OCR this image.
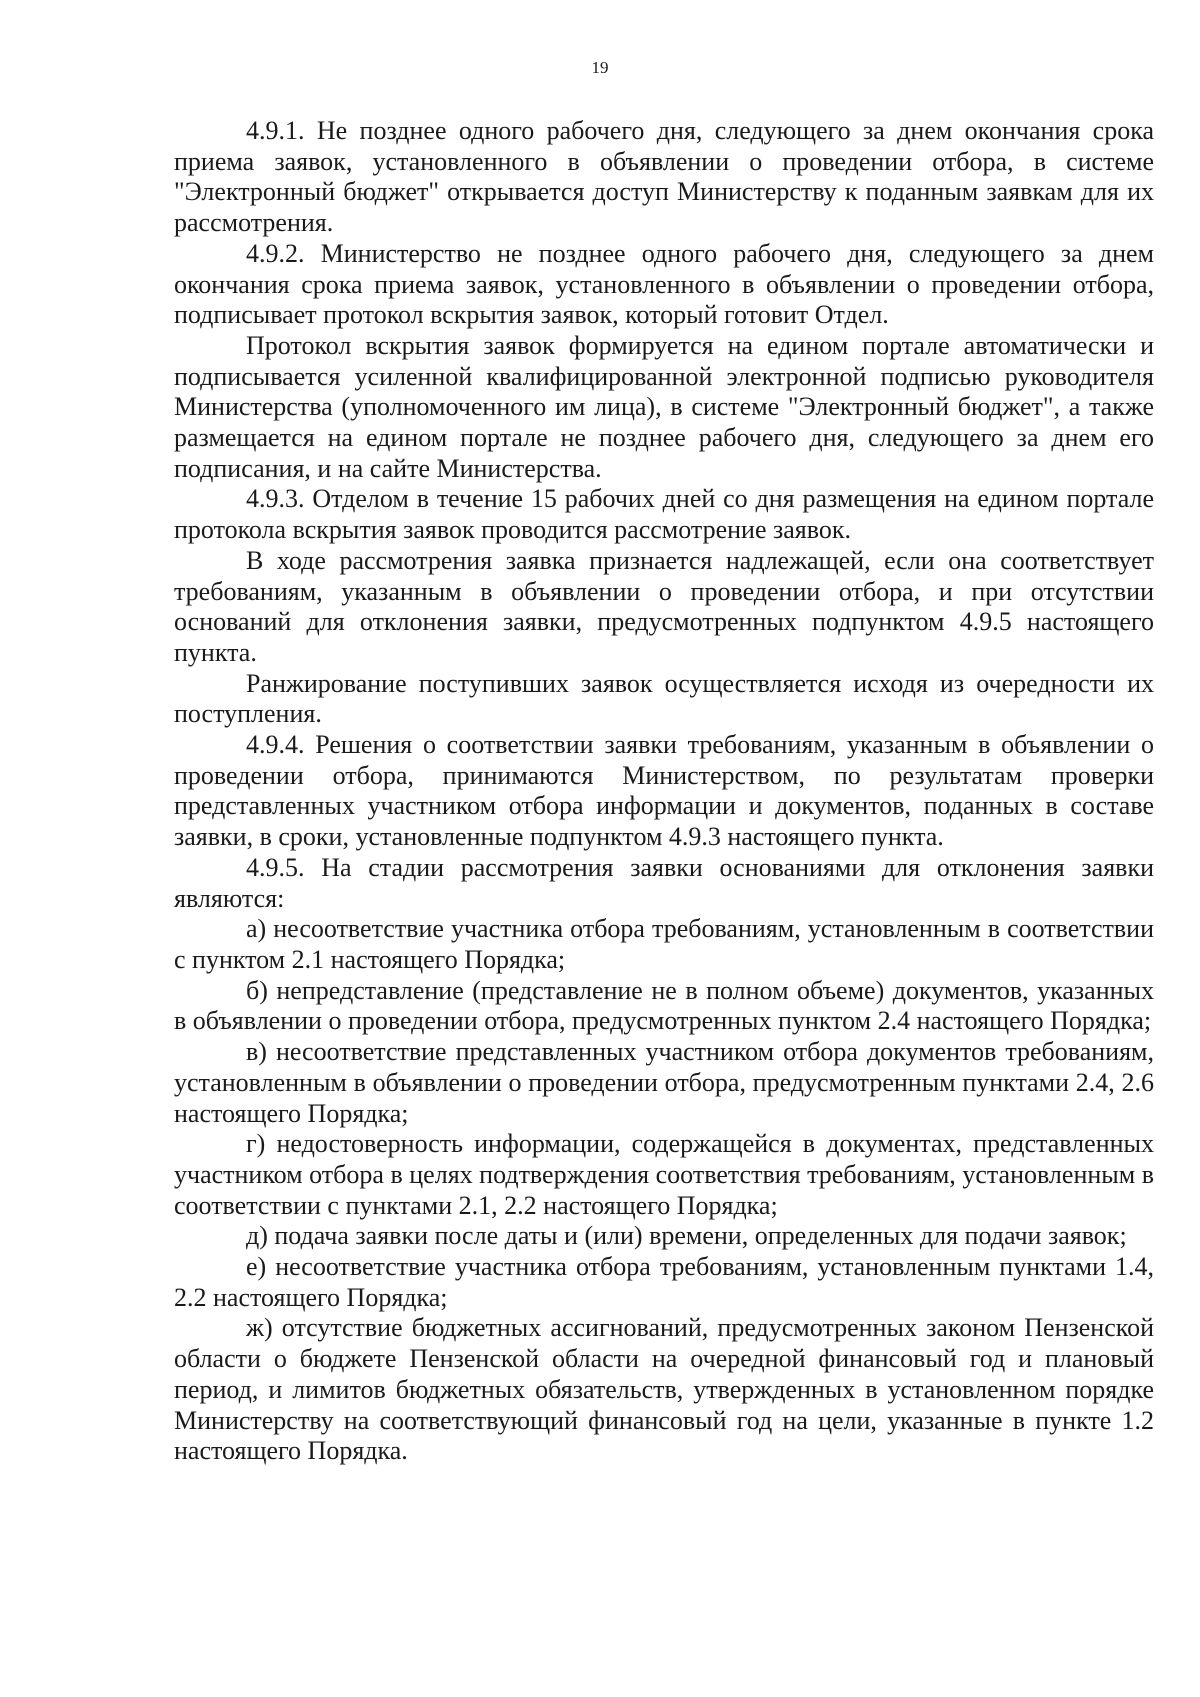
19

4.9.1. Не позднее одного рабочего дня, следующего за днем окончания срока приема заявок, установленного в объявлении о проведении отбора, в системе "Электронный бюджет" открывается доступ Министерству к поданным заявкам для их рассмотрения.

4.9.2. Министерство не позднее одного рабочего дня, следующего за днем окончания срока приема заявок, установленного в объявлении о проведении отбора, подписывает протокол вскрытия заявок, который готовит Отдел.

Протокол вскрытия заявок формируется на едином портале автоматически и подписывается усиленной квалифицированной электронной подписью руководителя Министерства (уполномоченного им лица), в системе "Электронный бюджет", а также размещается на едином портале не позднее рабочего дня, следующего за днем его подписания, и на сайте Министерства.

4.9.3. Отделом в течение 15 рабочих дней со дня размещения на едином портале протокола вскрытия заявок проводится рассмотрение заявок.

В ходе рассмотрения заявка признается надлежащей, если она соответствует требованиям, указанным в объявлении о проведении отбора, и при отсутствии оснований для отклонения заявки, предусмотренных подпунктом 4.9.5 настоящего пункта.

Ранжирование поступивших заявок осуществляется исходя из очередности их поступления.

4.9.4. Решения о соответствии заявки требованиям, указанным в объявлении о проведении отбора, принимаются Министерством, по результатам проверки представленных участником отбора информации и документов, поданных в составе заявки, в сроки, установленные подпунктом 4.9.3 настоящего пункта.

4.9.5. На стадии рассмотрения заявки основаниями для отклонения заявки являются:

а) несоответствие участника отбора требованиям, установленным в соответствии с пунктом 2.1 настоящего Порядка;

б) непредставление (представление не в полном объеме) документов, указанных в объявлении о проведении отбора, предусмотренных пунктом 2.4 настоящего Порядка;

в) несоответствие представленных участником отбора документов требованиям, установленным в объявлении о проведении отбора, предусмотренным пунктами 2.4, 2.6 настоящего Порядка;

г) недостоверность информации, содержащейся в документах, представленных участником отбора в целях подтверждения соответствия требованиям, установленным в соответствии с пунктами 2.1, 2.2 настоящего Порядка;

д) подача заявки после даты и (или) времени, определенных для подачи заявок;

е) несоответствие участника отбора требованиям, установленным пунктами 1.4, 2.2 настоящего Порядка;

ж) отсутствие бюджетных ассигнований, предусмотренных законом Пензенской области о бюджете Пензенской области на очередной финансовый год и плановый период, и лимитов бюджетных обязательств, утвержденных в установленном порядке Министерству на соответствующий финансовый год на цели, указанные в пункте 1.2 настоящего Порядка.
